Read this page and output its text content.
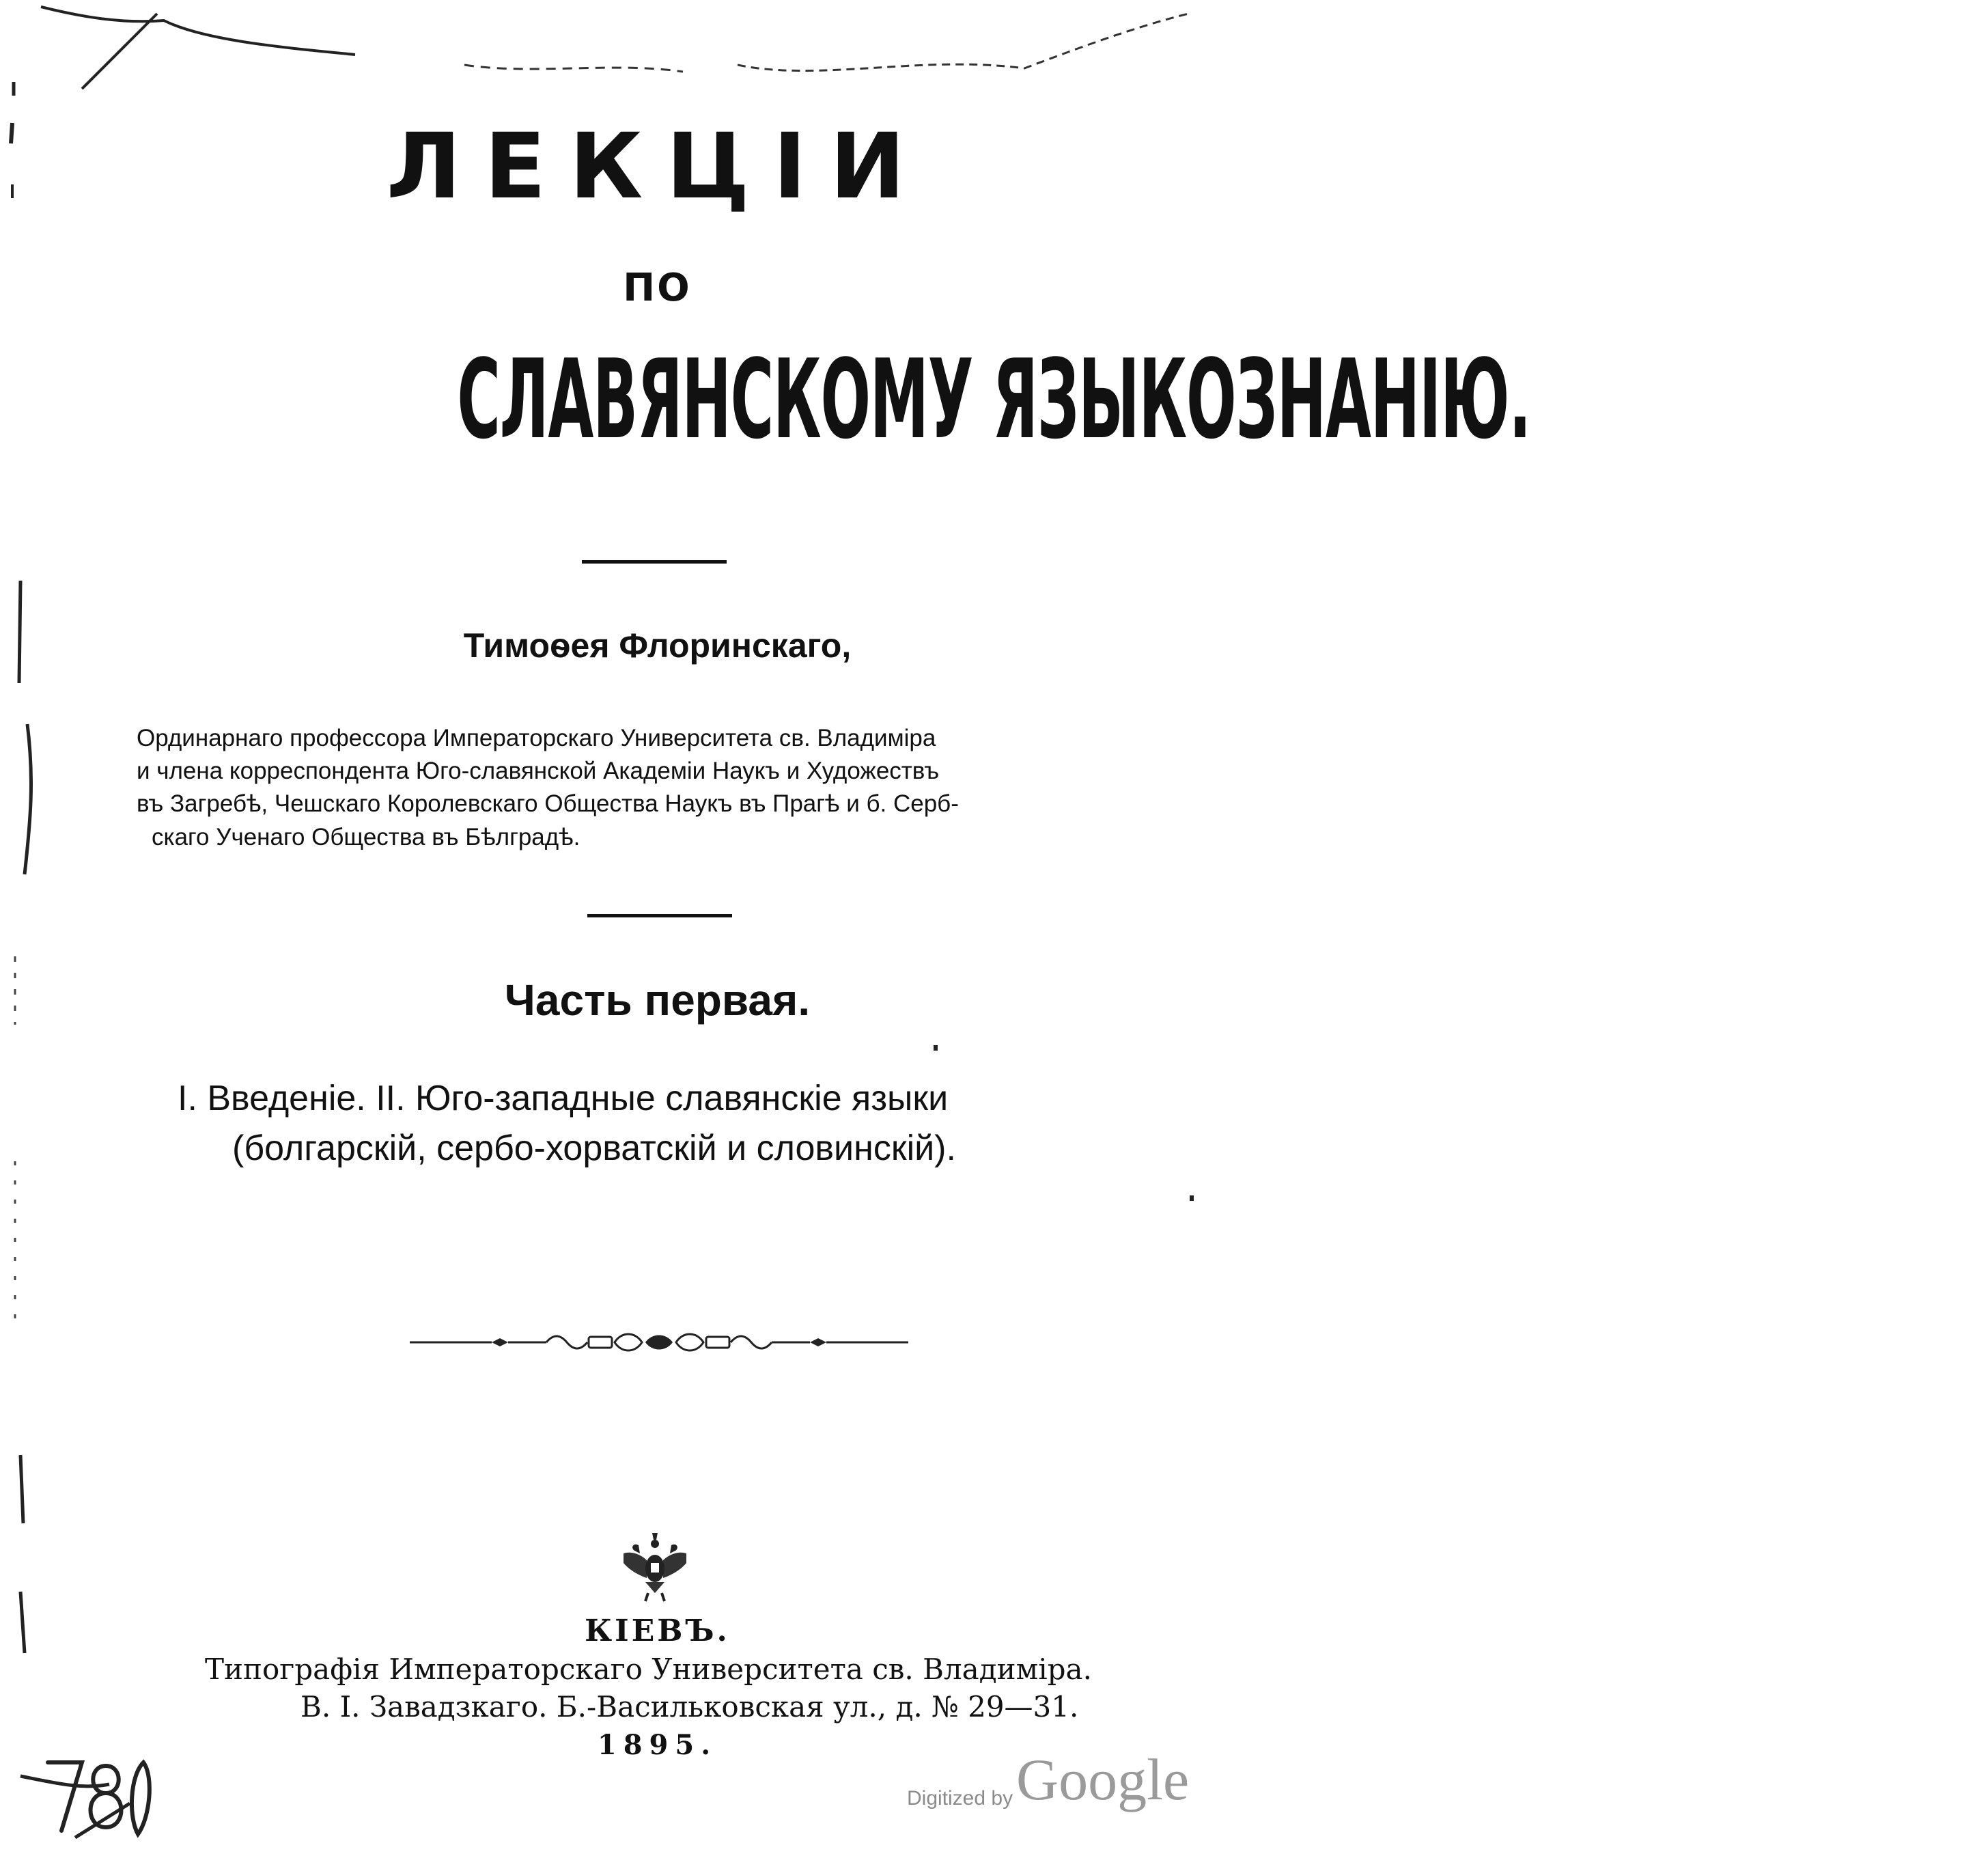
ЛЕКЦІИ
ПО
СЛАВЯНСКОМУ ЯЗЫКОЗНАНІЮ.
Тимоѳея Флоринскаго,
Ординарнаго профессора Императорскаго Университета св. Владиміра
и члена корреспондента Юго-славянской Академіи Наукъ и Художествъ
въ Загребѣ, Чешскаго Королевскаго Общества Наукъ въ Прагѣ и б. Серб-
скаго Ученаго Общества въ Бѣлградѣ.
Часть первая.
I. Введеніе. II. Юго-западные славянскіе языки
(болгарскій, сербо-хорватскій и словинскій).
КІЕВЪ.
Типографія Императорскаго Университета св. Владиміра.
В. І. Завадзкаго. Б.-Васильковская ул., д. № 29—31.
1895.
Digitized by Google
